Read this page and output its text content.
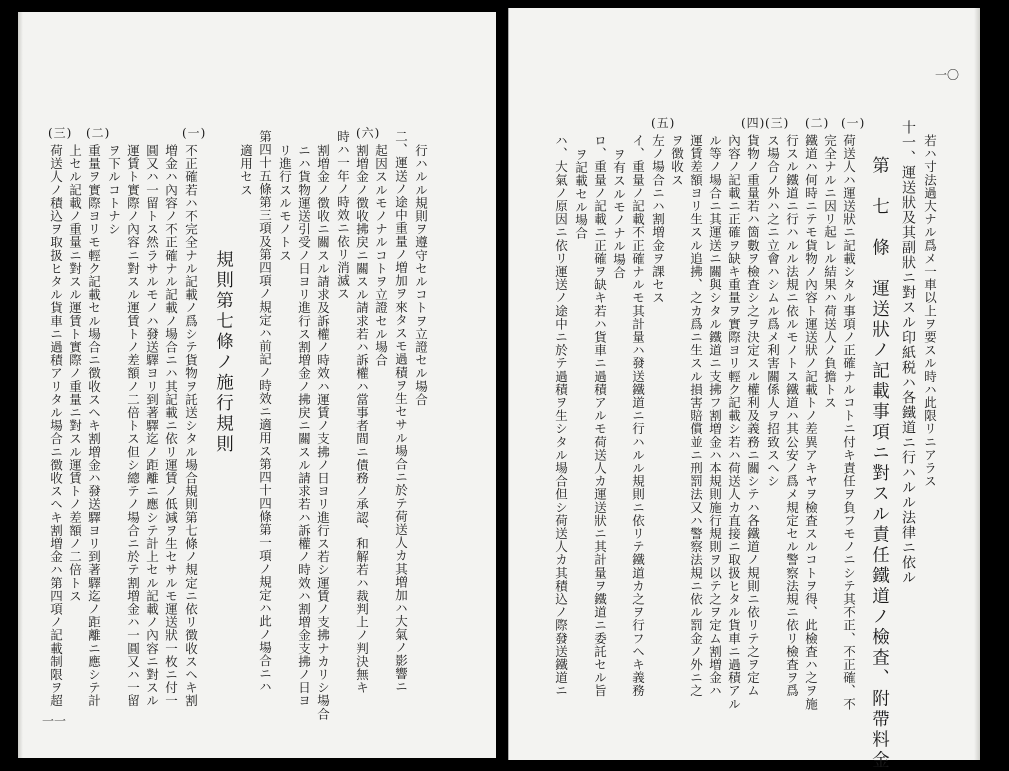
行ハルル規則ヲ遵守セルコトヲ立證セル場合
二、運送ノ途中重量ノ増加ヲ來タスモ過積ヲ生セサル場合ニ於テ荷送人カ其増加ハ大氣ノ影響ニ
起因スルモノナルコトヲ立證セル場合
割増金ノ徴收拂戻ニ關スル請求若ハ訴權ハ當事者間ニ債務ノ承認、和解若ハ裁判上ノ判決無キ
時ハ一年ノ時效ニ依リ消滅ス
割増金ノ徴收ニ關スル請求及訴權ノ時效ハ運賃ノ支拂ノ日ヨリ進行ス若シ運賃ノ支拂ナカリシ場合
ニハ貨物運送引受ノ日ヨリ進行ス割増金ノ拂戻ニ關スル請求若ハ訴權ノ時效ハ割増金支拂ノ日ヨ
リ進行スルモノトス
第四十五條第三項及第四項ノ規定ハ前記ノ時效ニ適用ス第四十四條第一項ノ規定ハ此ノ場合ニハ
適用セス
規則第七條ノ施行規則
不正確若ハ不完全ナル記載ノ爲シテ貨物ヲ託送シタル場合規則第七條ノ規定ニ依リ徴收スヘキ割
増金ハ內容ノ不正確ナル記載ノ場合ニハ其記載ニ依リ運賃ノ低減ヲ生セサルモ運送狀一枚ニ付一
圓又ハ一留トス然ラサルモノハ發送驛ヨリ到著驛迄ノ距離ニ應シテ計上セル記載ノ內容ニ對スル
運賃ト實際ノ內容ニ對スル運賃トノ差額ノ二倍トス但シ總テノ場合ニ於テ割増金ハ一圓又ハ一留
ヲ下ルコトナシ
重量ヲ實際ヨリモ輕ク記載セル場合ニ徴收スヘキ割増金ハ發送驛ヨリ到著驛迄ノ距離ニ應シテ計
上セル記載ノ重量ニ對スル運賃ト實際ノ重量ニ對スル運賃トノ差額ノ二倍トス
荷送人ノ積込ヲ取扱ヒタル貨車ニ過積アリタル場合ニ徴收スヘキ割増金ハ第四項ノ記載制限ヲ超
(六)
(一)
(二)
(三)
一一
若ハ寸法過大ナル爲メ一車以上ヲ要スル時ハ此限リニアラス
十一、運送狀及其副狀ニ對スル印紙税ハ各鐵道ニ行ハルル法律ニ依ル
第　七　條　運送狀ノ記載事項ニ對スル責任鐵道ノ檢査、附帶料金
荷送人ハ運送狀ニ記載シタル事項ノ正確ナルコトニ付キ責任ヲ負フモノニシテ其不正、不正確、不
完全ナルニ因リ起レル結果ハ荷送人ノ負擔トス
鐵道ハ何時ニテモ貨物ノ內容ト運送狀ノ記載トノ差異アキヤヲ檢査スルコトヲ得、此檢査ハ之ヲ施
行スル鐵道ニ行ハルル法規ニ依ルモノトス鐵道ハ其公安ノ爲メ規定セル警察法規ニ依リ檢査ヲ爲
ス場合ノ外ハ之ニ立會ハシムル爲メ利害關係人ヲ招致スヘシ
貨物ノ重量若ハ箇數ヲ檢査シ之ヲ決定スル權利及義務ニ關シテハ各鐵道ノ規則ニ依リテ之ヲ定ム
內容ノ記載ニ正確ヲ缺キ重量ヲ實際ヨリ輕ク記載シ若ハ荷送人カ直接ニ取扱ヒタル貨車ニ過積アル
ル等ノ場合ニ其運送ニ關與シタル鐵道ニ支拂フ割増金ハ本規則施行規則ヲ以テ之ヲ定ム割増金ハ
運賃差額ヨリ生スル追拂、之カ爲ニ生スル損害賠償並ニ刑罰法又ハ警察法規ニ依ル罰金ノ外ニ之
ヲ徴收ス
左ノ場合ニハ割増金ヲ課セス
イ、重量ノ記載不正確ナルモ其計量ハ發送鐵道ニ行ハルル規則ニ依リテ鐵道カ之ヲ行フヘキ義務
ヲ有スルモノナル場合
ロ、重量ノ記載ニ正確ヲ缺キ若ハ貨車ニ過積アルモ荷送人カ運送狀ニ其計量ヲ鐵道ニ委託セル旨
ヲ記載セル場合
ハ、大氣ノ原因ニ依リ運送ノ途中ニ於テ過積ヲ生シタル場合但シ荷送人カ其積込ノ際發送鐵道ニ
(一)
(二)
(三)
(四)
(五)
一〇
